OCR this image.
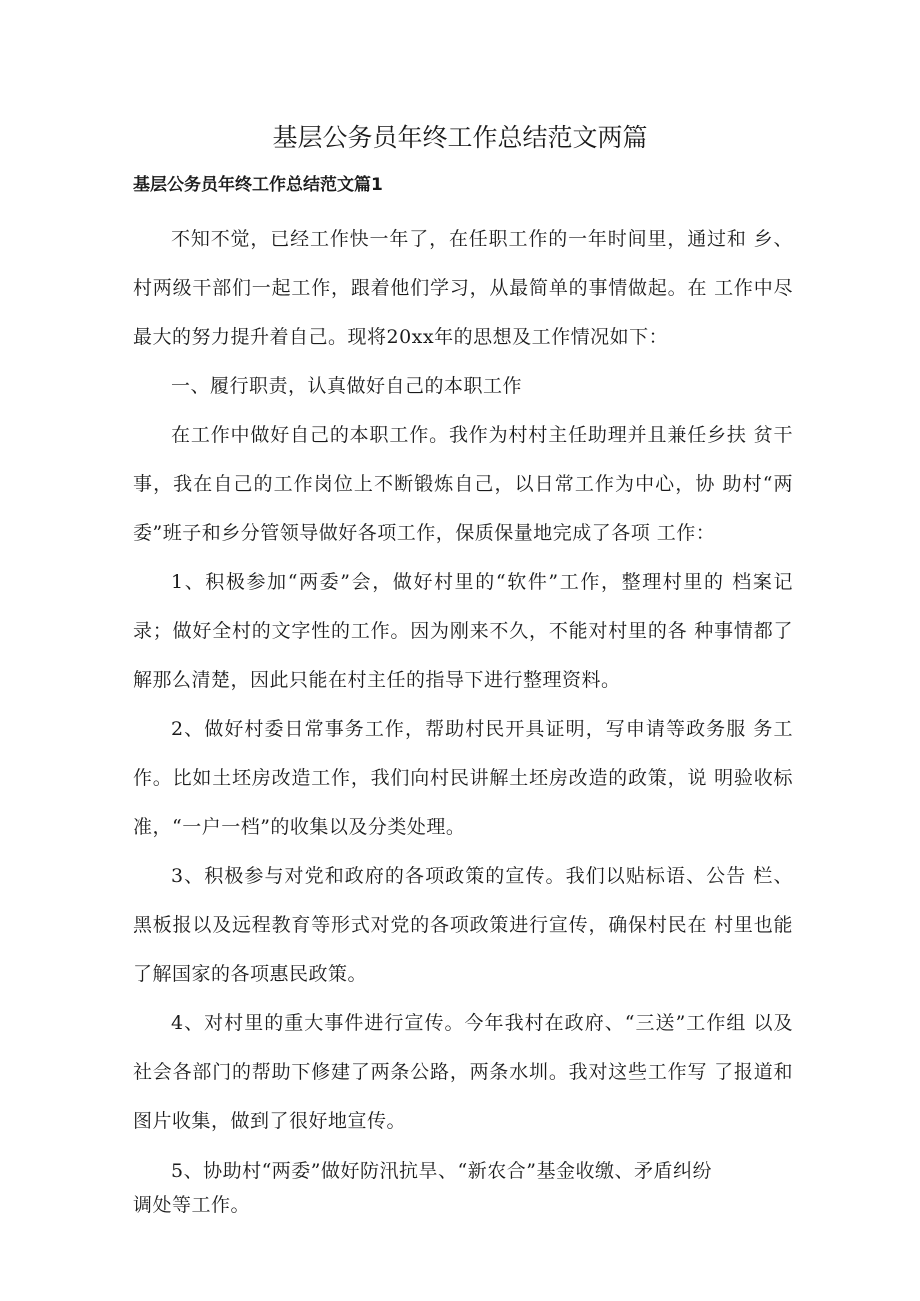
基层公务员年终工作总结范文两篇
基层公务员年终工作总结范文篇1

不知不觉，已经工作快一年了，在任职工作的一年时间里，通过和 乡、村两级干部们一起工作，跟着他们学习，从最简单的事情做起。在 工作中尽最大的努力提升着自己。现将20xx年的思想及工作情况如下：

一、履行职责，认真做好自己的本职工作

在工作中做好自己的本职工作。我作为村村主任助理并且兼任乡扶 贫干事，我在自己的工作岗位上不断锻炼自己，以日常工作为中心，协 助村“两委”班子和乡分管领导做好各项工作，保质保量地完成了各项 工作：

1、积极参加“两委”会，做好村里的“软件”工作，整理村里的 档案记录；做好全村的文字性的工作。因为刚来不久，不能对村里的各 种事情都了解那么清楚，因此只能在村主任的指导下进行整理资料。

2、做好村委日常事务工作，帮助村民开具证明，写申请等政务服 务工作。比如土坯房改造工作，我们向村民讲解土坯房改造的政策，说 明验收标准，“一户一档”的收集以及分类处理。

3、积极参与对党和政府的各项政策的宣传。我们以贴标语、公告 栏、黑板报以及远程教育等形式对党的各项政策进行宣传，确保村民在 村里也能了解国家的各项惠民政策。

4、对村里的重大事件进行宣传。今年我村在政府、“三送”工作组 以及社会各部门的帮助下修建了两条公路，两条水圳。我对这些工作写 了报道和图片收集，做到了很好地宣传。

5、协助村“两委”做好防汛抗旱、“新农合”基金收缴、矛盾纠纷
调处等工作。
